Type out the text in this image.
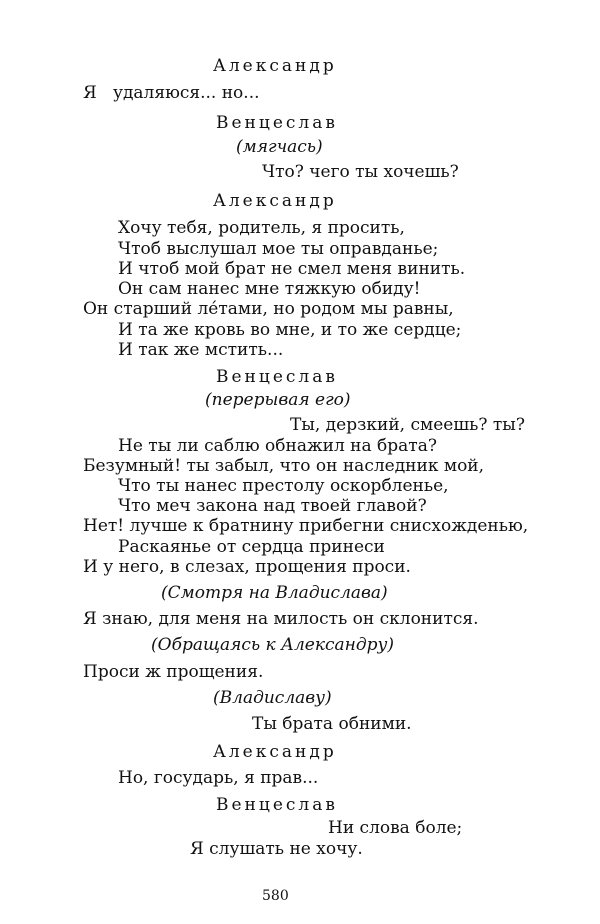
Александр
Я   удаляюся... но...
Венцеслав
(мягчась)
Что? чего ты хочешь?
Александр
Хочу тебя, родитель, я просить,
Чтоб выслушал мое ты оправданье;
И чтоб мой брат не смел меня винить.
Он сам нанес мне тяжкую обиду!
Он старший ле́тами, но родом мы равны,
И та же кровь во мне, и то же сердце;
И так же мстить...
Венцеслав
(перерывая его)
Ты, дерзкий, смеешь? ты?
Не ты ли саблю обнажил на брата?
Безумный! ты забыл, что он наследник мой,
Что ты нанес престолу оскорбленье,
Что меч закона над твоей главой?
Нет! лучше к братнину прибегни снисхожденью,
Раскаянье от сердца принеси
И у него, в слезах, прощения проси.
(Смотря на Владислава)
Я знаю, для меня на милость он склонится.
(Обращаясь к Александру)
Проси ж прощения.
(Владиславу)
Ты брата обними.
Александр
Но, государь, я прав...
Венцеслав
Ни слова боле;
Я слушать не хочу.
580
